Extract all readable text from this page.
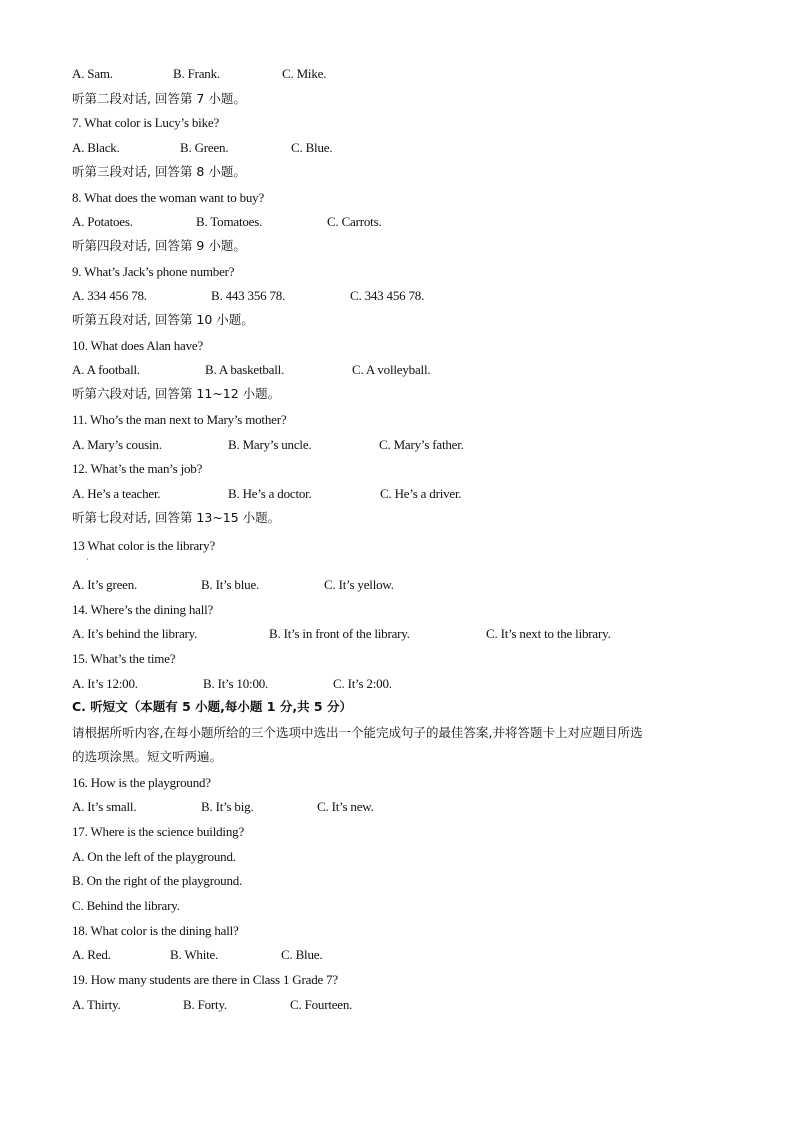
A. Sam.	B. Frank.	C. Mike.
听第二段对话, 回答第 7 小题。
7. What color is Lucy’s bike?
A. Black.	B. Green.	C. Blue.
听第三段对话, 回答第 8 小题。
8. What does the woman want to buy?
A. Potatoes.	B. Tomatoes.	C. Carrots.
听第四段对话, 回答第 9 小题。
9. What’s Jack’s phone number?
A. 334 456 78.	B. 443 356 78.	C. 343 456 78.
听第五段对话, 回答第 10 小题。
10. What does Alan have?
A. A football.	B. A basketball.	C. A volleyball.
听第六段对话, 回答第 11~12 小题。
11. Who’s the man next to Mary’s mother?
A. Mary’s cousin.	B. Mary’s uncle.	C. Mary’s father.
12. What’s the man’s job?
A. He’s a teacher.	B. He’s a doctor.	C. He’s a driver.
听第七段对话, 回答第 13~15 小题。
13 What color is the library?
·
A. It’s green.	B. It’s blue.	C. It’s yellow.
14. Where’s the dining hall?
A. It’s behind the library.	B. It’s in front of the library.	C. It’s next to the library.
15. What’s the time?
A. It’s 12:00.	B. It’s 10:00.	C. It’s 2:00.
C. 听短文（本题有 5 小题,每小题 1 分,共 5 分）
请根据所听内容,在每小题所给的三个选项中选出一个能完成句子的最佳答案,并将答题卡上对应题目所选
的选项涂黑。短文听两遍。
16. How is the playground?
A. It’s small.	B. It’s big.	C. It’s new.
17. Where is the science building?
A. On the left of the playground.
B. On the right of the playground.
C. Behind the library.
18. What color is the dining hall?
A. Red.	B. White.	C. Blue.
19. How many students are there in Class 1 Grade 7?
A. Thirty.	B. Forty.	C. Fourteen.
